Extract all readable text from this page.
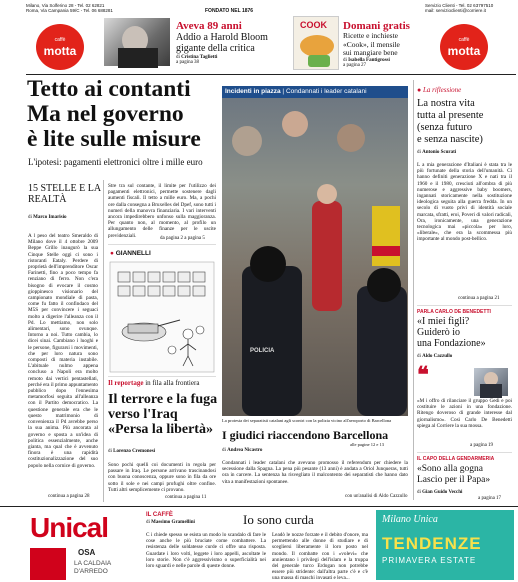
Milano, Via Solferino 28 - Tel. 02 62821
Roma, Via Campania 59/C - Tel. 06 688281	FONDATO NEL 1876
Servizio Clienti - Tel. 02 63797510
mail: servizioclienti@corriere.it
caffè
motta
caffè
motta
Aveva 89 anni
Addio a Harold Bloom
gigante della critica
di Cristina Taglietti
a pagina 38
COOK Domani gratis
Ricette e inchieste
«Cook», il mensile
sui mangiare bene
di Isabella Fantigrossi
a pagina 27
Tetto ai contanti
Ma nel governo
è lite sulle misure
L'ipotesi: pagamenti elettronici oltre i mille euro
15 STELLE E LA REALTÀ
di Marco Imarisio
A l peso del teatro Smeraldo di Milano dove il 4 ottobre 2009 Beppe Grillo inaugurò la sua Cinque Stelle oggi ci sono i ristoranti Eataly. Perdere di proprietà dell'imprenditore Oscar Farinetti, fino a poco tempo fa renziano di ferro. Non c'era bisogno di evocare il cosmo gioppinesco visionario del campionato mondiale di pasta, come fu fatto il confindaco del M5S per convincere i seguaci molto a digerire l'alleanza con il Pd. Lo mettiamo, non solo alimentari, sono ovunque. Intorno a noi. Tutto cambia, lo dicei sinai. Cambiano i luoghi e le persone, figurarsi i movimenti, che per loro natura sono composti di materia instabile. L'abituale nulmo appena concluso a Napoli era molto remoto dai vertici pentastellati, perché era il primo appuntamento pubblico dopo l'ennesima metamorfosi seguita all'alleanza con il Partito democratico. La questione generale era che le questo matrimonio di convenienza il Pd avrebbe perso la sua anima. Più ancorata al governo e sposta a un'idea di politica essenzialmente, anche gianta, ma qual che è avvenuto finora è una rapidità costituzionalizzazione del suo popolo nella cornice di governo.
continua a pagina 28
Stre tra sul contante, il limite per l'utilizzo dei pagamenti elettronici, permette sostenere dagli aumenti fiscali. Il tetto a mille euro. Ma, a pochi ore dalla consegna a Bruxelles del Dpef, sono tutti i numeri della manovra finanziaria. I vari interventi ancora impedirebbero unfonso sulla maggioranza. Per quanto non, al momento, al profilo un allungamento delle finanze per le uscite previdenziali.	da pagina 2 a pagina 5
● GIANNELLI
Il reportage in fila alla frontiera
Il terrore e la fuga
verso l'Iraq
«Persa la libertà»
di Lorenzo Cremonesi
Sono pochi quelli coi documenti in regola per passare in Iraq. Le persone arrivano trascinandosi con buona conoscenza, oppure sono in fila da ore sotto il sole e nei campi profughi oltre confine. Tutti altri semplicemente ci provano.
continua a pagina 11
POLICIA
Incidenti in piazza | Condannati i leader catalani
La protesta dei separatisti catalani agli scontri con la polizia vicino all'aeroporto di Barcellona
I giudici riaccendono Barcellona
alle pagine 12 e 13
di Andrea Nicastro
Condannati i leader catalani che avevano promosso il referendum per chiedere la secessione dalla Spagna. La pena più pesante (13 anni) è andata a Oriol Junqueras, tutti ora in carcere. La sentenza ha risvegliato il malcontento dei separatisti che hanno dato vita a manifestazioni spontanee.
con un'analisi di Aldo Cazzullo
● La riflessione
La nostra vita
tutta al presente
(senza futuro
e senza nascite)
di Antonio Scurati
L a mia generazione d'Italiani è stata tra le più fortunate della storia dell'umanità. Ci hanno definiti generazione X e nati tra il 1960 e il 1980, cresciuti all'ombra di più numerose e aggressive baby boomers, ingannati storicamente nella sostituzione ideologica seguita alla guerra fredda. In un secolo di vuoto privi di identità sociale marcata, sfratti, eroi, Poveri di valori radicali, Ora, ironicamente, una generazione tecnologica mai «piccola» per loro, «liberale», che era la scommessa più importante al mondo post-bellico.
continua a pagina 21
PARLA CARLO DE BENEDETTI
«I miei figli?
Guiderò io
una Fondazione»
di Aldo Cazzullo
❝
«M i offro di rilanciare il gruppo Gedi e poi costituire le azioni in una fondazione. Ritengo doveroso di grande interesse dal giornalismo». Così Carlo De Benedetti spiega al Corriere la sua mossa.
a pagina 19
IL CAPO DELLA GENDARMERIA
«Sono alla gogna
Lascio per il Papa»
di Gian Guido Vecchi
a pagina 17
Unical
OSA
LA CALDAIA D'ARREDO
IL CAFFÈ
di Massimo Gramellini	Io sono curda
C i chiede spesso se esista un modo lo scandalo di fare le cose anche le più bruciate come combattere. La resistenza delle soldatesse curde ci offre una risposta. Guardate i loro volti, leggete i loro appelli, ascoltate le loro storie. Non c'è aggressivismo o superficialità nei loro sguardi e nelle parole di queste donne.
Leadò le nozze forzate e il debito d'onore, ma permettendo alle donne di studiare e di scegliersi liberamente il loro posto nel mondo. Il combatte con i «volevi» che annientano i privilegi dell'islam e la truppa del generale turco Erdogan non potrebbe essere più stridente: dall'altra parte c'è e c'è una massa di maschi invasati e leva...
Milano Unica
TENDENZE
PRIMAVERA ESTATE
